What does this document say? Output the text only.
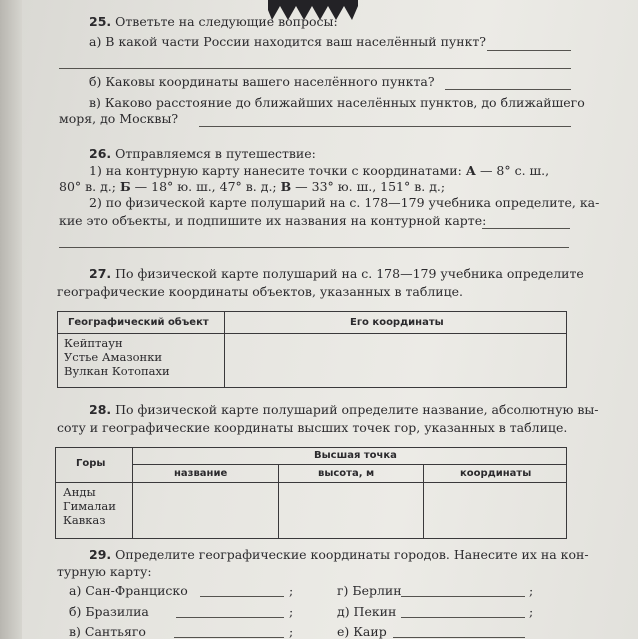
25. Ответьте на следующие вопросы:
а) В какой части России находится ваш населённый пункт?
б) Каковы координаты вашего населённого пункта?
в) Каково расстояние до ближайших населённых пунктов, до ближайшего
моря, до Москвы?
26. Отправляемся в путешествие:
1) на контурную карту нанесите точки с координатами: А — 8° с. ш.,
80° в. д.; Б — 18° ю. ш., 47° в. д.; В — 33° ю. ш., 151° в. д.;
2) по физической карте полушарий на с. 178—179 учебника определите, ка-
кие это объекты, и подпишите их названия на контурной карте:
27. По физической карте полушарий на с. 178—179 учебника определите
географические координаты объектов, указанных в таблице.
Географический объект	Его координаты
Кейптаун
Устье Амазонки
Вулкан Котопахи
28. По физической карте полушарий определите название, абсолютную вы-
соту и географические координаты высших точек гор, указанных в таблице.
Горы
Высшая точка
название	высота, м	координаты
Анды
Гималаи
Кавказ
29. Определите географические координаты городов. Нанесите их на кон-
турную карту:
а) Сан-Франциско	;
б) Бразилиа	;
в) Сантьяго	;
г) Берлин	;
д) Пекин	;
е) Каир
